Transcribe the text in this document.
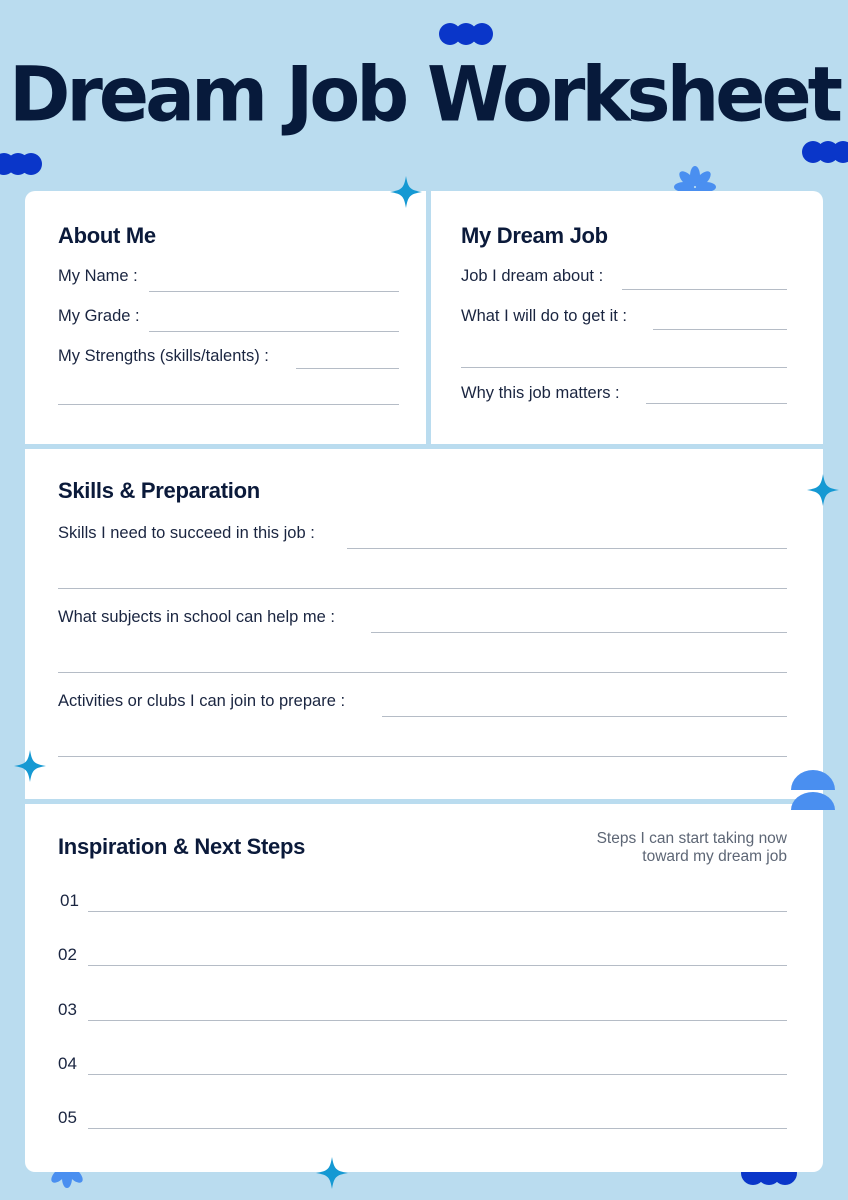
Dream Job Worksheet
About Me
My Name :
My Grade :
My Strengths (skills/talents) :
My Dream Job
Job I dream about :
What I will do to get it :
Why this job matters :
Skills & Preparation
Skills I need to succeed in this job :
What subjects in school can help me :
Activities or clubs I can join to prepare :
Inspiration & Next Steps	Steps I can start taking now
toward my dream job
01
02
03
04
05
